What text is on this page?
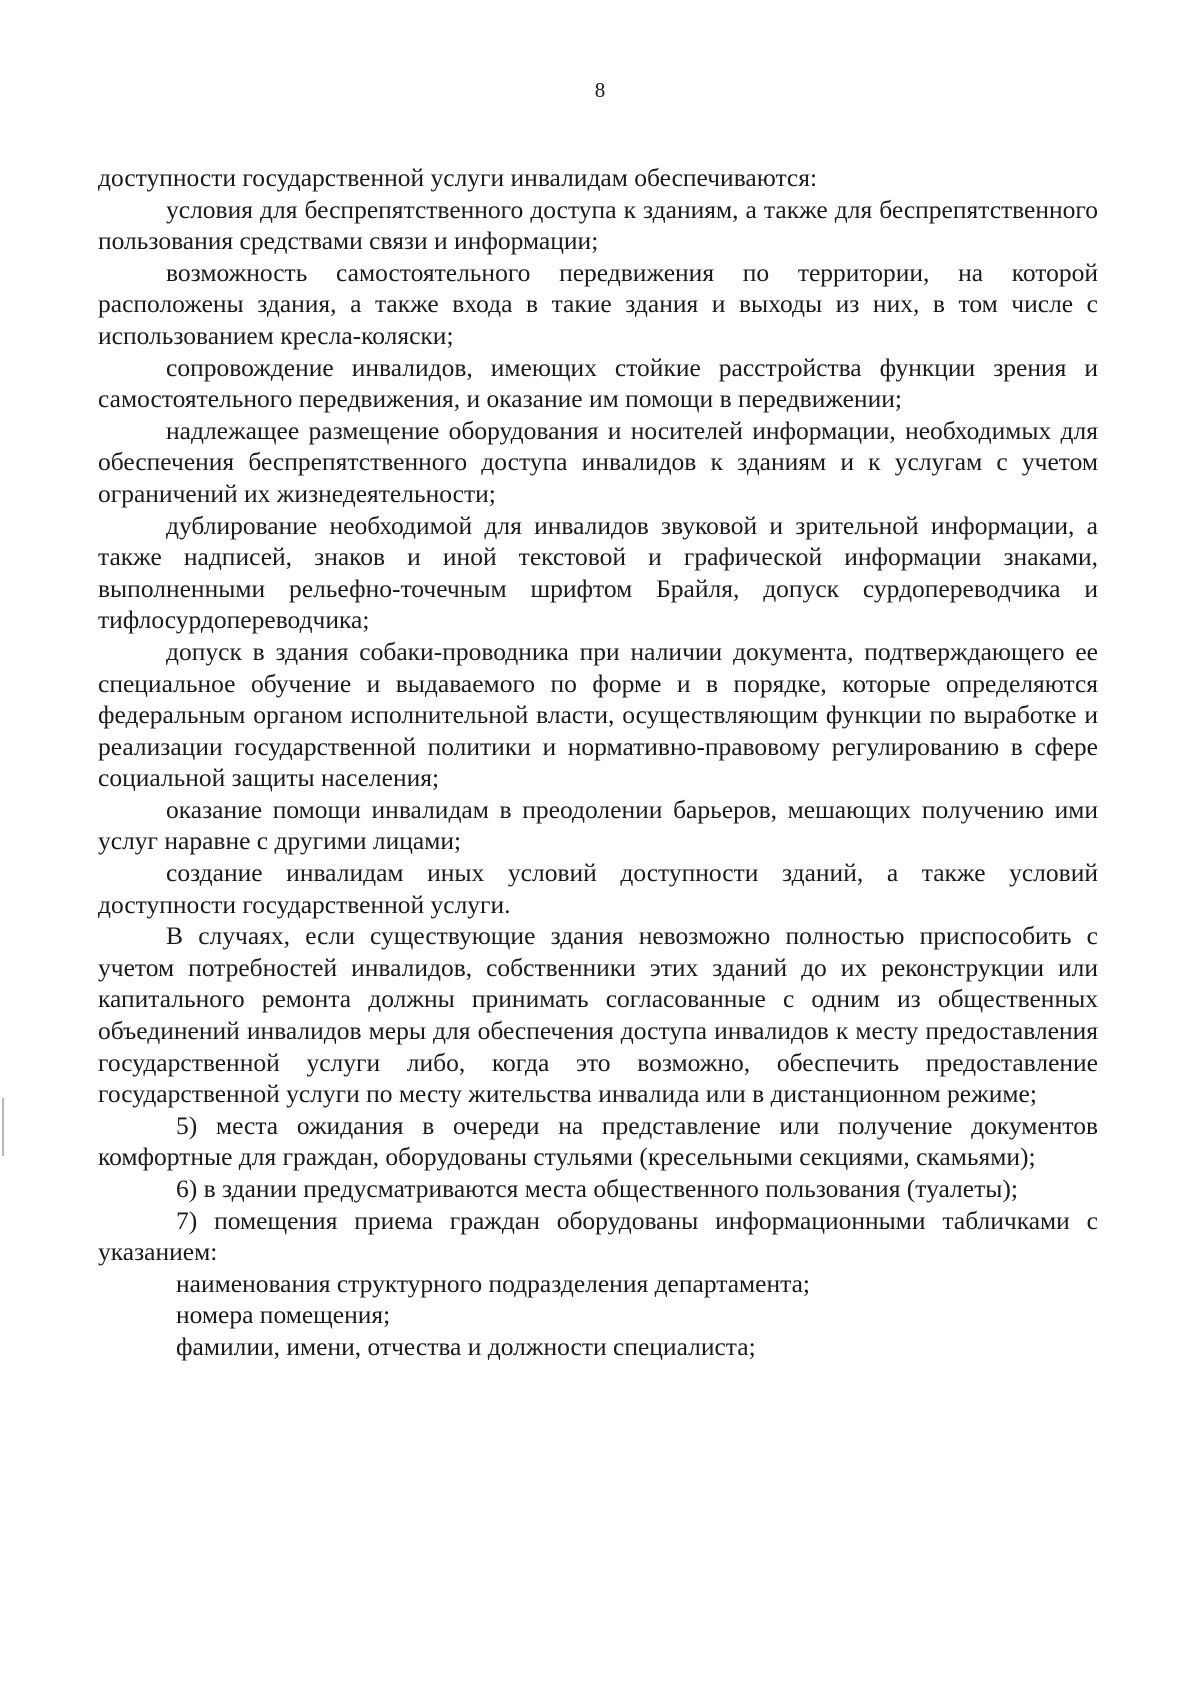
8

доступности государственной услуги инвалидам обеспечиваются:

условия для беспрепятственного доступа к зданиям, а также для беспрепятственного пользования средствами связи и информации;

возможность самостоятельного передвижения по территории, на которой расположены здания, а также входа в такие здания и выходы из них, в том числе с использованием кресла-коляски;

сопровождение инвалидов, имеющих стойкие расстройства функции зрения и самостоятельного передвижения, и оказание им помощи в передвижении;

надлежащее размещение оборудования и носителей информации, необходимых для обеспечения беспрепятственного доступа инвалидов к зданиям и к услугам с учетом ограничений их жизнедеятельности;

дублирование необходимой для инвалидов звуковой и зрительной информации, а также надписей, знаков и иной текстовой и графической информации знаками, выполненными рельефно-точечным шрифтом Брайля, допуск сурдопереводчика и тифлосурдопереводчика;

допуск в здания собаки-проводника при наличии документа, подтверждающего ее специальное обучение и выдаваемого по форме и в порядке, которые определяются федеральным органом исполнительной власти, осуществляющим функции по выработке и реализации государственной политики и нормативно-правовому регулированию в сфере социальной защиты населения;

оказание помощи инвалидам в преодолении барьеров, мешающих получению ими услуг наравне с другими лицами;

создание инвалидам иных условий доступности зданий, а также условий доступности государственной услуги.

В случаях, если существующие здания невозможно полностью приспособить с учетом потребностей инвалидов, собственники этих зданий до их реконструкции или капитального ремонта должны принимать согласованные с одним из общественных объединений инвалидов меры для обеспечения доступа инвалидов к месту предоставления государственной услуги либо, когда это возможно, обеспечить предоставление государственной услуги по месту жительства инвалида или в дистанционном режиме;

5) места ожидания в очереди на представление или получение документов комфортные для граждан, оборудованы стульями (кресельными секциями, скамьями);

6) в здании предусматриваются места общественного пользования (туалеты);

7) помещения приема граждан оборудованы информационными табличками с указанием:

наименования структурного подразделения департамента;

номера помещения;

фамилии, имени, отчества и должности специалиста;
